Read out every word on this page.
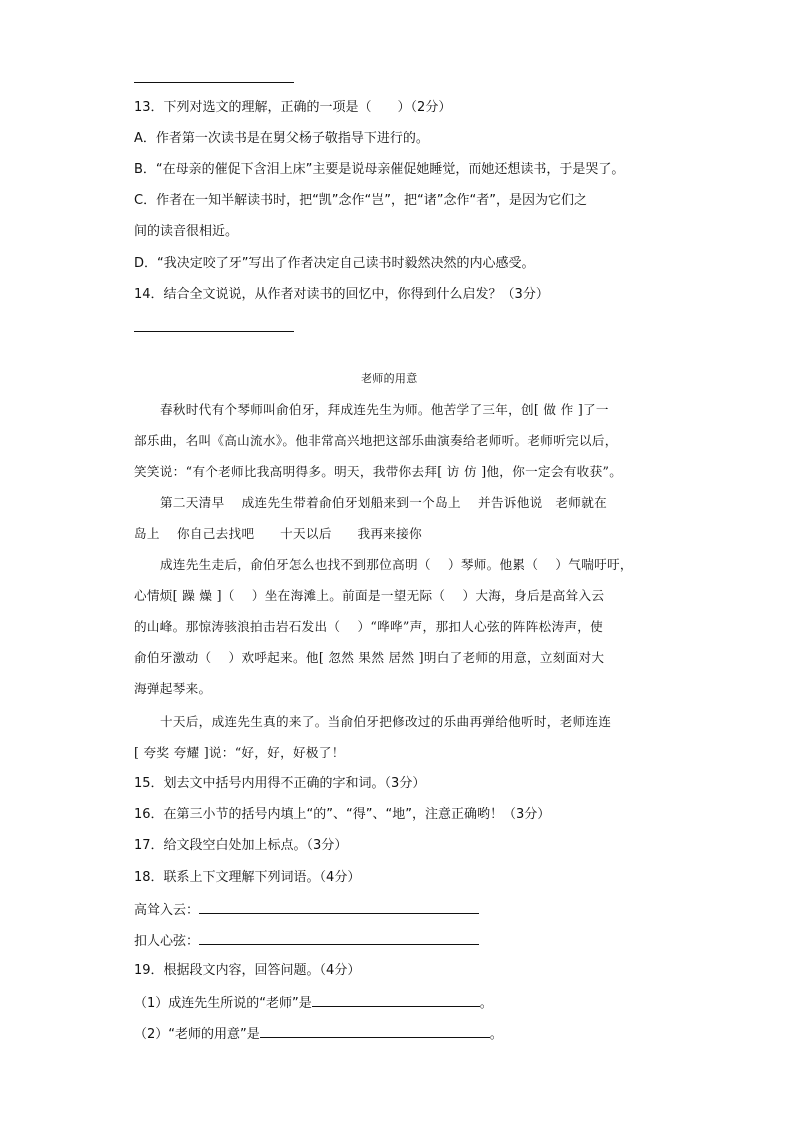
13．下列对选文的理解，正确的一项是（　　）（2分）
A．作者第一次读书是在舅父杨子敬指导下进行的。
B．“在母亲的催促下含泪上床”主要是说母亲催促她睡觉，而她还想读书，于是哭了。
C．作者在一知半解读书时，把“凯”念作“岂”，把“诸”念作“者”，是因为它们之
间的读音很相近。
D．“我决定咬了牙”写出了作者决定自己读书时毅然决然的内心感受。
14．结合全文说说，从作者对读书的回忆中，你得到什么启发？（3分）
老师的用意
春秋时代有个琴师叫俞伯牙，拜成连先生为师。他苦学了三年，创[ 做 作 ]了一
部乐曲，名叫《高山流水》。他非常高兴地把这部乐曲演奏给老师听。老师听完以后，
笑笑说：“有个老师比我高明得多。明天，我带你去拜[ 访 仿 ]他，你一定会有收获”。
第二天清早　 成连先生带着俞伯牙划船来到一个岛上　 并告诉他说　老师就在
岛上　 你自己去找吧　　十天以后　　我再来接你
成连先生走后，俞伯牙怎么也找不到那位高明（　 ）琴师。他累（　 ）气喘吁吁，
心情烦[ 躁 燥 ]（　 ）坐在海滩上。前面是一望无际（　 ）大海，身后是高耸入云
的山峰。那惊涛骇浪拍击岩石发出（　 ）“哗哗”声，那扣人心弦的阵阵松涛声，使
俞伯牙激动（　 ）欢呼起来。他[ 忽然 果然 居然 ]明白了老师的用意，立刻面对大
海弹起琴来。
十天后，成连先生真的来了。当俞伯牙把修改过的乐曲再弹给他听时，老师连连
[ 夸奖 夸耀 ]说：“好，好，好极了！
15．划去文中括号内用得不正确的字和词。（3分）
16．在第三小节的括号内填上“的”、“得”、“地”，注意正确哟！（3分）
17．给文段空白处加上标点。（3分）
18．联系上下文理解下列词语。（4分）
高耸入云：
扣人心弦：
19．根据段文内容，回答问题。（4分）
（1）成连先生所说的“老师”是	。
（2）“老师的用意”是	。
